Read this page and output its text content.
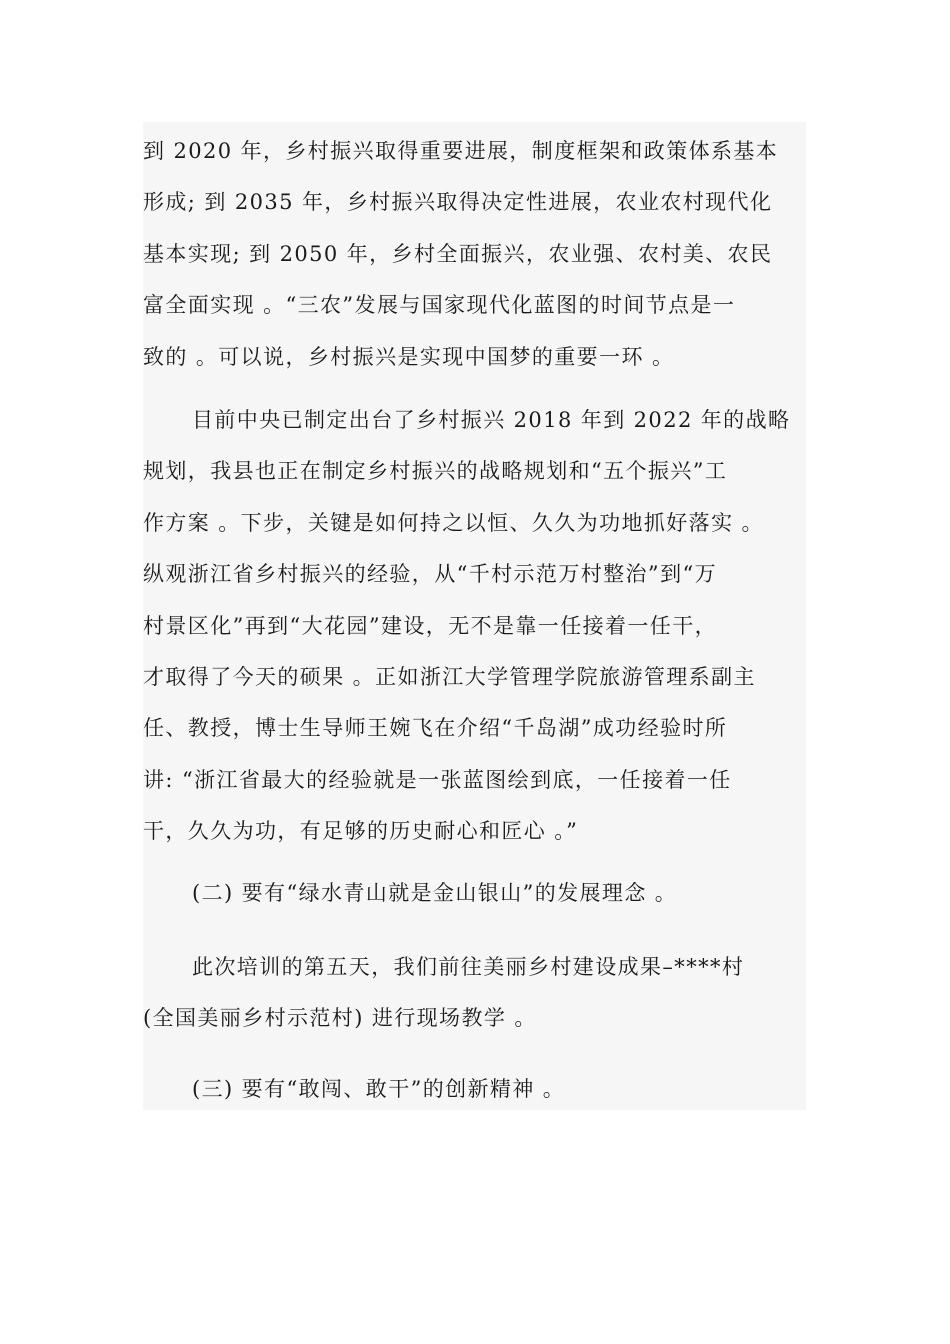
到 2020 年，乡村振兴取得重要进展，制度框架和政策体系基本
形成; 到 2035 年，乡村振兴取得决定性进展，农业农村现代化
基本实现; 到 2050 年，乡村全面振兴，农业强、农村美、农民
富全面实现 。“三农”发展与国家现代化蓝图的时间节点是一
致的 。可以说，乡村振兴是实现中国梦的重要一环 。
目前中央已制定出台了乡村振兴 2018 年到 2022 年的战略
规划，我县也正在制定乡村振兴的战略规划和“五个振兴”工
作方案 。下步，关键是如何持之以恒、久久为功地抓好落实 。
纵观浙江省乡村振兴的经验，从“千村示范万村整治”到“万
村景区化”再到“大花园”建设，无不是靠一任接着一任干，
才取得了今天的硕果 。正如浙江大学管理学院旅游管理系副主
任、教授，博士生导师王婉飞在介绍“千岛湖”成功经验时所
讲: “浙江省最大的经验就是一张蓝图绘到底，一任接着一任
干，久久为功，有足够的历史耐心和匠心 。”
(二) 要有“绿水青山就是金山银山”的发展理念 。
此次培训的第五天，我们前往美丽乡村建设成果–****村
(全国美丽乡村示范村) 进行现场教学 。
(三) 要有“敢闯、敢干”的创新精神 。
